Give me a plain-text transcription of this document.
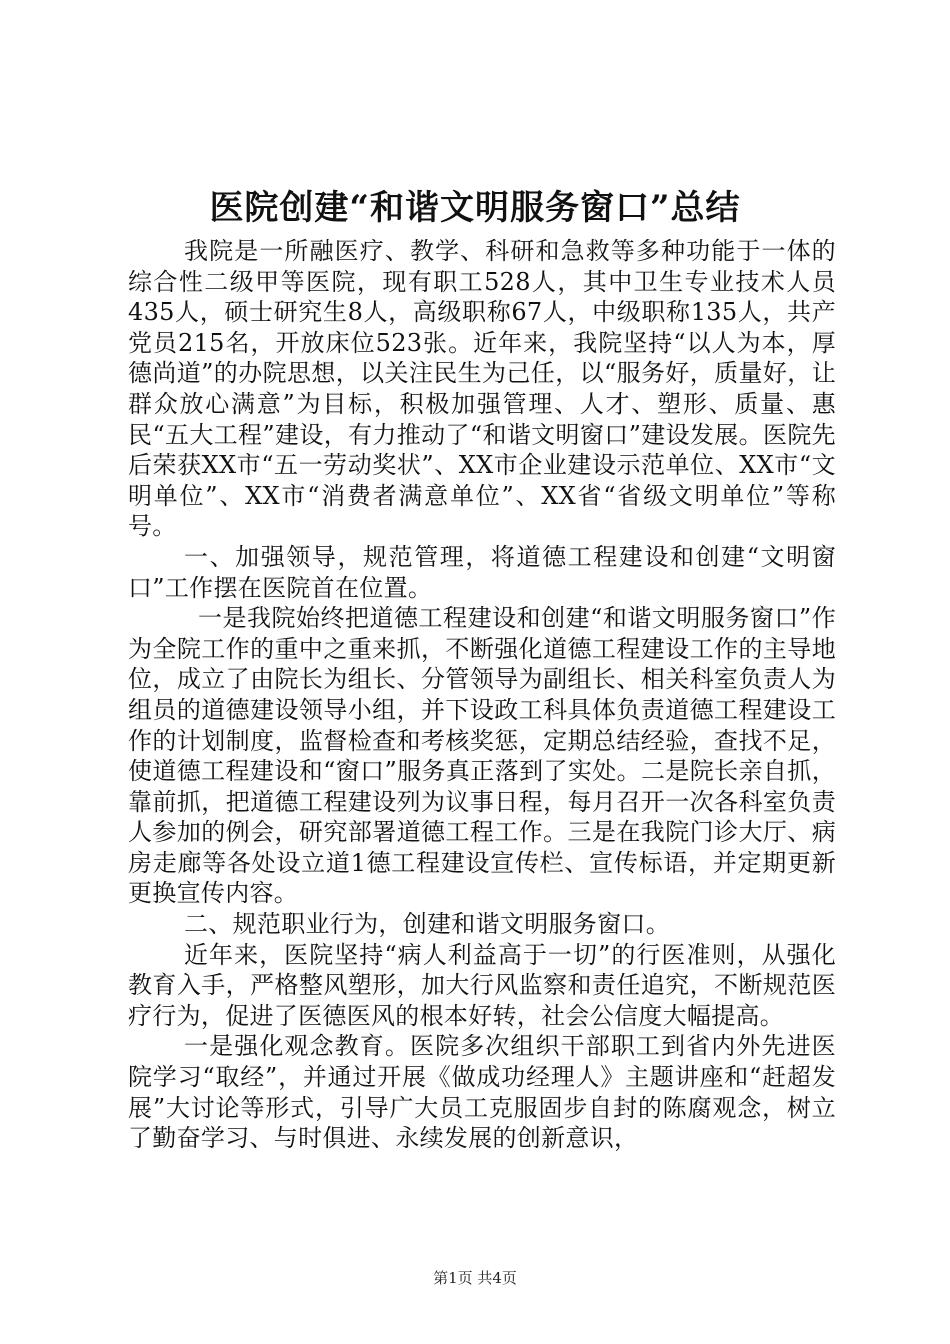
医院创建“和谐文明服务窗口”总结

我院是一所融医疗、教学、科研和急救等多种功能于一体的综合性二级甲等医院，现有职工528人，其中卫生专业技术人员435人，硕士研究生8人，高级职称67人，中级职称135人，共产党员215名，开放床位523张。近年来，我院坚持“以人为本，厚德尚道”的办院思想，以关注民生为己任，以“服务好，质量好，让群众放心满意”为目标，积极加强管理、人才、塑形、质量、惠民“五大工程”建设，有力推动了“和谐文明窗口”建设发展。医院先后荣获XX市“五一劳动奖状”、XX市企业建设示范单位、XX市“文明单位”、XX市“消费者满意单位”、XX省“省级文明单位”等称号。

一、加强领导，规范管理，将道德工程建设和创建“文明窗口”工作摆在医院首在位置。

一是我院始终把道德工程建设和创建“和谐文明服务窗口”作为全院工作的重中之重来抓，不断强化道德工程建设工作的主导地位，成立了由院长为组长、分管领导为副组长、相关科室负责人为组员的道德建设领导小组，并下设政工科具体负责道德工程建设工作的计划制度，监督检查和考核奖惩，定期总结经验，查找不足，使道德工程建设和“窗口”服务真正落到了实处。二是院长亲自抓，靠前抓，把道德工程建设列为议事日程，每月召开一次各科室负责人参加的例会，研究部署道德工程工作。三是在我院门诊大厅、病房走廊等各处设立道1德工程建设宣传栏、宣传标语，并定期更新更换宣传内容。

二、规范职业行为，创建和谐文明服务窗口。

近年来，医院坚持“病人利益高于一切”的行医准则，从强化教育入手，严格整风塑形，加大行风监察和责任追究，不断规范医疗行为，促进了医德医风的根本好转，社会公信度大幅提高。

一是强化观念教育。医院多次组织干部职工到省内外先进医院学习“取经”，并通过开展《做成功经理人》主题讲座和“赶超发展”大讨论等形式，引导广大员工克服固步自封的陈腐观念，树立了勤奋学习、与时俱进、永续发展的创新意识，

第1页 共4页
